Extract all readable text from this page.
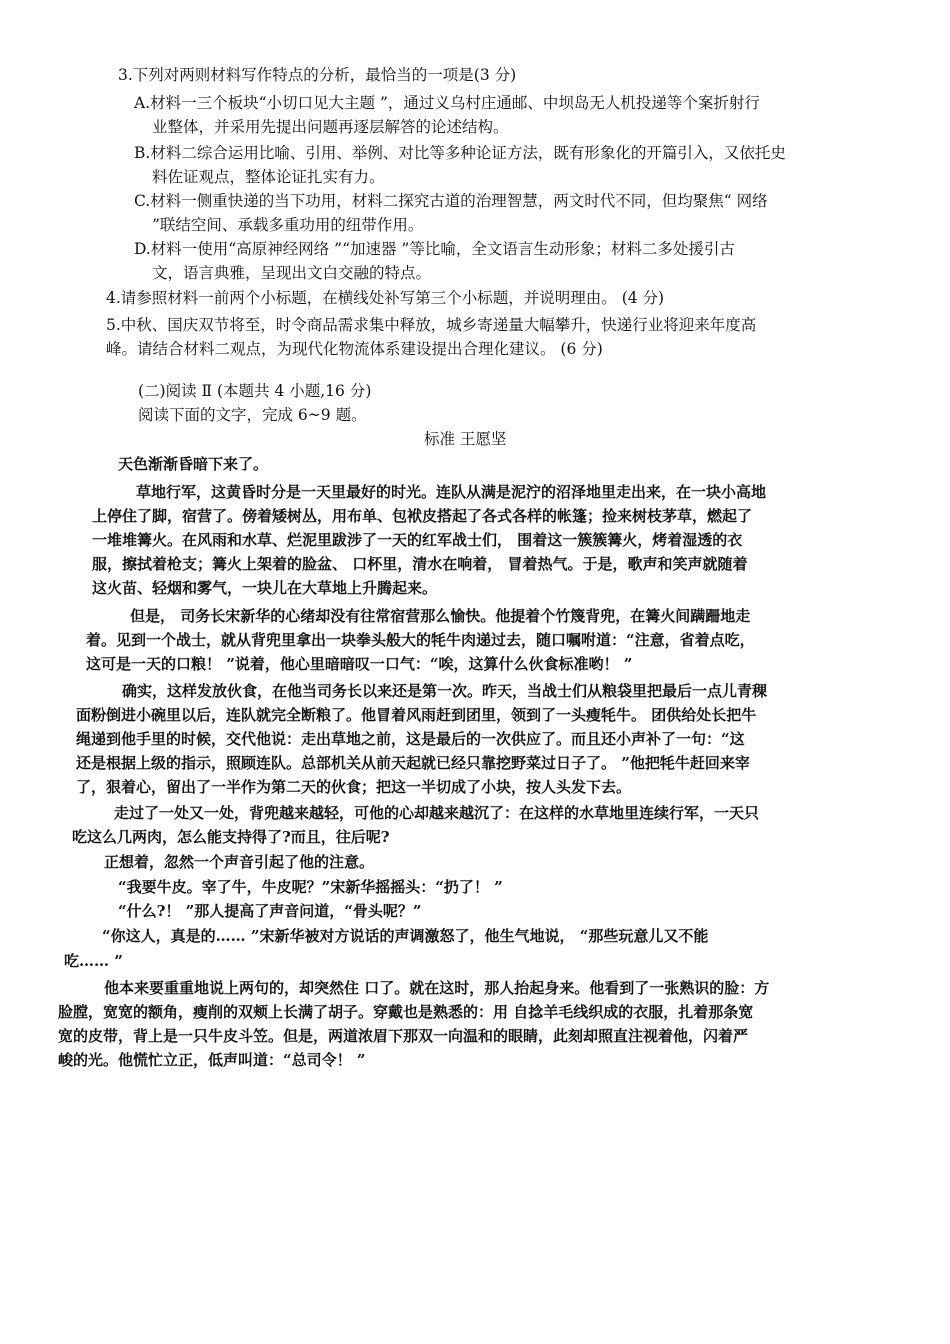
3.下列对两则材料写作特点的分析，最恰当的一项是(3 分)
A.材料一三个板块“小切口见大主题 ”，通过义乌村庄通邮、中坝岛无人机投递等个案折射行
业整体，并采用先提出问题再逐层解答的论述结构。
B.材料二综合运用比喻、引用、举例、对比等多种论证方法，既有形象化的开篇引入，又依托史
料佐证观点，整体论证扎实有力。
C.材料一侧重快递的当下功用，材料二探究古道的治理智慧，两文时代不同，但均聚焦“ 网络
”联结空间、承载多重功用的纽带作用。
D.材料一使用“高原神经网络 ”“加速器 ”等比喻，全文语言生动形象；材料二多处援引古
文，语言典雅，呈现出文白交融的特点。
4.请参照材料一前两个小标题，在横线处补写第三个小标题，并说明理由。 (4 分)
5.中秋、国庆双节将至，时令商品需求集中释放，城乡寄递量大幅攀升，快递行业将迎来年度高
峰。请结合材料二观点，为现代化物流体系建设提出合理化建议。 (6 分)
(二)阅读 Ⅱ (本题共 4 小题,16 分)
阅读下面的文字，完成 6~9 题。
标准 王愿坚
天色渐渐昏暗下来了。
草地行军，这黄昏时分是一天里最好的时光。连队从满是泥泞的沼泽地里走出来，在一块小高地
上停住了脚，宿营了。傍着矮树丛，用布单、包袱皮搭起了各式各样的帐篷；捡来树枝茅草，燃起了
一堆堆篝火。在风雨和水草、烂泥里跋涉了一天的红军战士们， 围着这一簇簇篝火，烤着湿透的衣
服，擦拭着枪支；篝火上架着的脸盆、 口杯里，清水在响着， 冒着热气。于是，歌声和笑声就随着
这火苗、轻烟和雾气，一块儿在大草地上升腾起来。
但是， 司务长宋新华的心绪却没有往常宿营那么愉快。他提着个竹篾背兜，在篝火间蹒跚地走
着。见到一个战士，就从背兜里拿出一块拳头般大的牦牛肉递过去，随口嘱咐道：“注意，省着点吃，
这可是一天的口粮！ ”说着，他心里暗暗叹一口气：“唉，这算什么伙食标准哟！ ”
确实，这样发放伙食，在他当司务长以来还是第一次。昨天，当战士们从粮袋里把最后一点儿青稞
面粉倒进小碗里以后，连队就完全断粮了。他冒着风雨赶到团里，领到了一头瘦牦牛。 团供给处长把牛
绳递到他手里的时候，交代他说：走出草地之前，这是最后的一次供应了。而且还小声补了一句：“这
还是根据上级的指示，照顾连队。总部机关从前天起就已经只靠挖野菜过日子了。 ”他把牦牛赶回来宰
了，狠着心，留出了一半作为第二天的伙食；把这一半切成了小块，按人头发下去。
走过了一处又一处，背兜越来越轻，可他的心却越来越沉了：在这样的水草地里连续行军，一天只
吃这么几两肉，怎么能支持得了?而且，往后呢?
正想着，忽然一个声音引起了他的注意。
“我要牛皮。宰了牛，牛皮呢？”宋新华摇摇头：“扔了！ ”
“什么?！ ”那人提高了声音问道，“骨头呢？”
“你这人，真是的…… ”宋新华被对方说话的声调激怒了，他生气地说， “那些玩意儿又不能
吃…… ”
他本来要重重地说上两句的，却突然住 口了。就在这时，那人抬起身来。他看到了一张熟识的脸：方
脸膛，宽宽的额角，瘦削的双颊上长满了胡子。穿戴也是熟悉的：用 自捻羊毛线织成的衣服，扎着那条宽
宽的皮带，背上是一只牛皮斗笠。但是，两道浓眉下那双一向温和的眼睛，此刻却照直注视着他，闪着严
峻的光。他慌忙立正，低声叫道：“总司令！ ”
